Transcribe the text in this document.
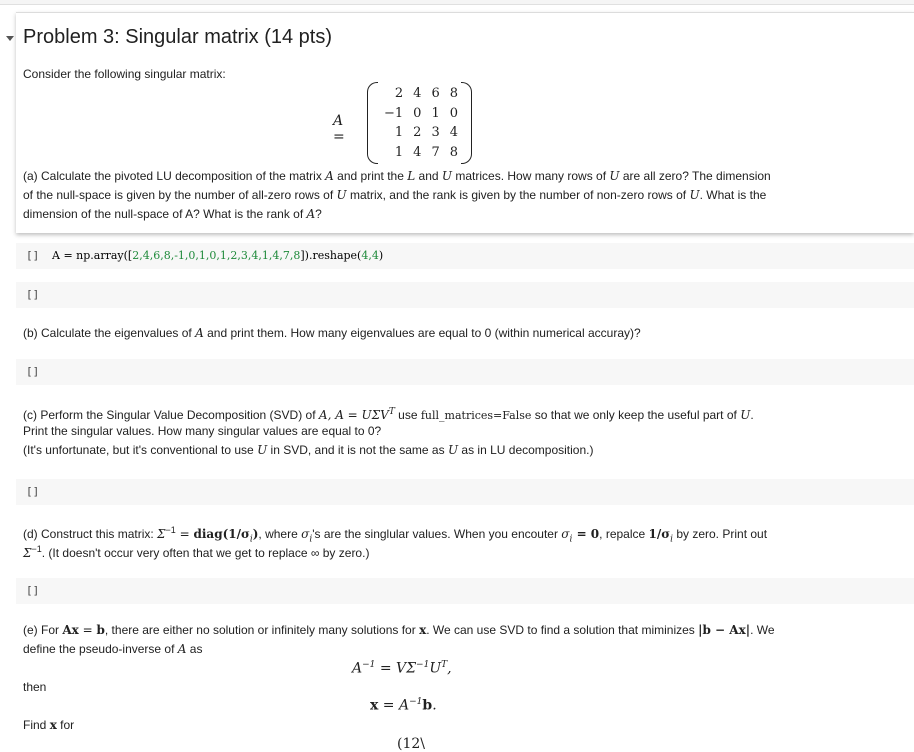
Problem 3: Singular matrix (14 pts)
Consider the following singular matrix:
A =
2	4	6	8
−1	0	1	0
1	2	3	4
1	4	7	8
(a) Calculate the pivoted LU decomposition of the matrix A and print the L and U matrices. How many rows of U are all zero? The dimension
of the null-space is given by the number of all-zero rows of U matrix, and the rank is given by the number of non-zero rows of U. What is the
dimension of the null-space of A? What is the rank of A?
[] A = np.array([2,4,6,8,-1,0,1,0,1,2,3,4,1,4,7,8]).reshape(4,4)
[]
(b) Calculate the eigenvalues of A and print them. How many eigenvalues are equal to 0 (within numerical accuray)?
[]
(c) Perform the Singular Value Decomposition (SVD) of A, $A = U\Sigma V^T$ use full_matrices=False so that we only keep the useful part of U.
Print the singular values. How many singular values are equal to 0?
(It's unfortunate, but it's conventional to use U in SVD, and it is not the same as U as in LU decomposition.)
[]
(d) Construct this matrix: $\Sigma^{-1}$ = $diag(1/\sigma_i)$, where $\sigma_i's$ are the singlular values. When you encouter $\sigma_i = 0$, repalce $1/\sigma_i$ by zero. Print out
$\Sigma^{-1}$. (It doesn't occur very often that we get to replace ∞ by zero.)
[]
(e) For Ax = b, there are either no solution or infinitely many solutions for x. We can use SVD to find a solution that miminizes |b − Ax|. We
define the pseudo-inverse of A as
$A^{-1} = V\Sigma^{-1}U^T$,
then
$x = A^{-1}b$.
Find x for
(12\
